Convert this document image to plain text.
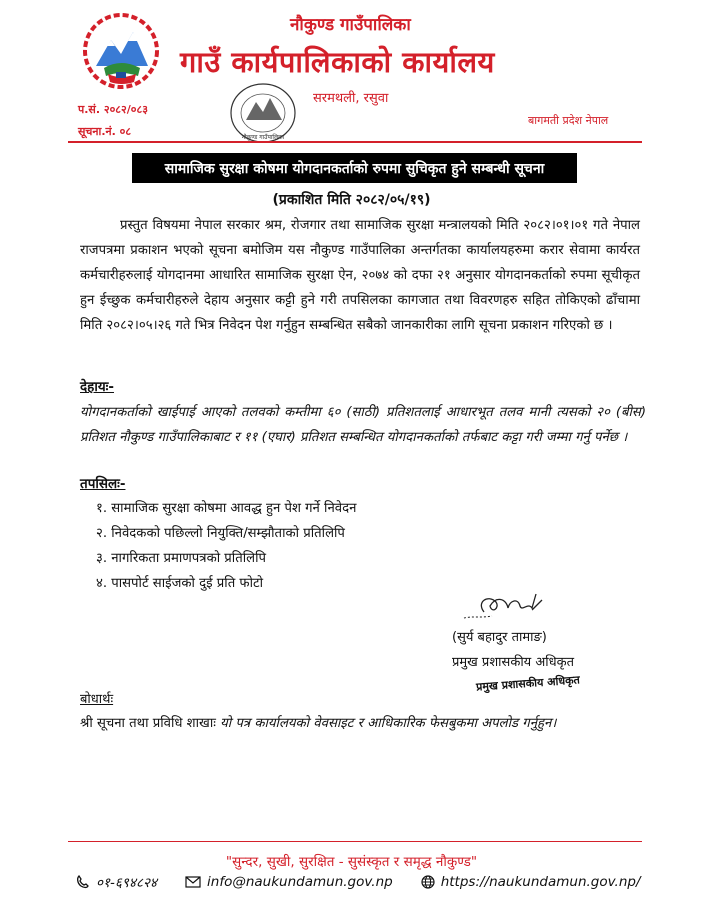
नौकुण्ड गाउँपालिका
गाउँ कार्यपालिकाको कार्यालय
नौकुण्ड गाउँपालिका
सरमथली, रसुवा
प.सं. २०८२/०८३
सूचना.नं. ०८
बागमती प्रदेश नेपाल
सामाजिक सुरक्षा कोषमा योगदानकर्ताको रुपमा सुचिकृत हुने सम्बन्धी सूचना
(प्रकाशित मिति २०८२/०५/१९)
प्रस्तुत विषयमा नेपाल सरकार श्रम, रोजगार तथा सामाजिक सुरक्षा मन्त्रालयको मिति २०८२।०१।०१ गते नेपाल राजपत्रमा प्रकाशन भएको सूचना बमोजिम यस नौकुण्ड गाउँपालिका अन्तर्गतका कार्यालयहरुमा करार सेवामा कार्यरत कर्मचारीहरुलाई योगदानमा आधारित सामाजिक सुरक्षा ऐन, २०७४ को दफा २१ अनुसार योगदानकर्ताको रुपमा सूचीकृत हुन ईच्छुक कर्मचारीहरुले देहाय अनुसार कट्टी हुने गरी तपसिलका कागजात तथा विवरणहरु सहित तोकिएको ढाँचामा मिति २०८२।०५।२६ गते भित्र निवेदन पेश गर्नुहुन सम्बन्धित सबैको जानकारीका लागि सूचना प्रकाशन गरिएको छ ।
देहायः-
योगदानकर्ताको खाईपाई आएको तलवको कम्तीमा ६० (साठी) प्रतिशतलाई आधारभूत तलव मानी त्यसको २० (बीस) प्रतिशत नौकुण्ड गाउँपालिकाबाट र ११ (एघार) प्रतिशत सम्बन्धित योगदानकर्ताको तर्फबाट कट्टा गरी जम्मा गर्नु पर्नेछ ।
तपसिलः-
१. सामाजिक सुरक्षा कोषमा आवद्ध हुन पेश गर्ने निवेदन
२. निवेदकको पछिल्लो नियुक्ति/सम्झौताको प्रतिलिपि
३. नागरिकता प्रमाणपत्रको प्रतिलिपि
४. पासपोर्ट साईजको दुई प्रति फोटो
(सुर्य बहादुर तामाङ)
प्रमुख प्रशासकीय अधिकृत
प्रमुख प्रशासकीय अधिकृत
बोधार्थः
श्री सूचना तथा प्रविधि शाखाः यो पत्र कार्यालयको वेवसाइट र आधिकारिक फेसबुकमा अपलोड गर्नुहुन।
"सुन्दर, सुखी, सुरक्षित - सुसंस्कृत र समृद्ध नौकुण्ड"
०१-६९४८२४	info@naukundamun.gov.np	https://naukundamun.gov.np/
